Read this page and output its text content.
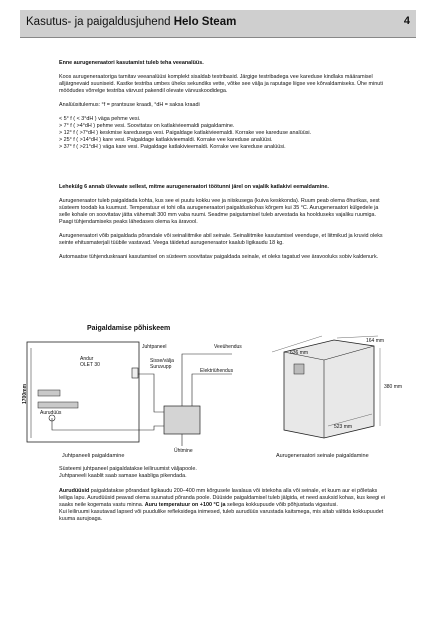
Kasutus- ja paigaldusjuhend Helo Steam	4

Enne aurugeneraatori kasutamist tuleb teha veeanalüüs.

Koos aurugeneraatoriga tarnitav veeanalüüsi komplekt sisaldab testribasid. Järgige testribadega vee kareduse kindlaks määramisel alljärgnevaid suuniseid. Kastke testriba umbes üheks sekundiks vette, võtke see välja ja raputage liigse vee kõrvaldamiseks. Ühe minuti möödudes võrrelge testriba värvust pakendil olevate värvuskoodidega.

Analüüsitulemus: °f = prantsuse kraadi, °dH = saksa kraadi

< 5° f ( < 3°dH ) väga pehme vesi.
> 7° f ( >4°dH ) pehme vesi. Soovitatav on katlakivieemaldi paigaldamine.
> 12° f ( >7°dH ) keskmise karedusega vesi. Paigaldage katlakivieemaldi. Korrake vee kareduse analüüsi.
> 25° f ( >14°dH ) kare vesi. Paigaldage katlakivieemaldi. Korrake vee kareduse analüüsi.
> 37° f ( >21°dH ) väga kare vesi. Paigaldage katlakivieemaldi. Korrake vee kareduse analüüsi.

Lehekülg 6 annab ülevaate sellest, mitme aurugeneraatori töötunni järel on vajalik katlakivi eemaldamine.

Aurugeneraator tuleb paigaldada kohta, kus see ei puutu kokku vee ja niiskusega (kuiva keskkonda). Ruum peab olema õhurikas, sest süsteem toodab ka kuumust. Temperatuur ei tohi olla aurugeneraatori paigalduskohas kõrgem kui 35 °C. Aurugeneraatori külgedele ja selle kohale on soovitatav jätta vähemalt 300 mm vaba ruumi. Seadme paigutamisel tuleb arvestada ka hoolduseks vajaliku ruumiga. Paagi tühjendamiseks peaks lähedases olema ka äravool.

Aurugeneraatori võib paigaldada põrandale või seinaliitmike abil seinale. Seinaliitmike kasutamisel veenduge, et liitmikud ja kruvid oleks seinte ehitusmaterjali tüübile vastavad. Veega täidetud aurugeneraator kaalub ligikaudu 18 kg.

Automaatse tühjenduskraani kasutamisel on süsteem soovitatav paigaldada seinale, et oleks tagatud vee äravooluks sobiv kaldenurk.

Paigaldamise põhiskeem
Juhtpaneel
Sisse/välja
Suruvupp
Veeühendus
Elektriühendus
Andur
OLET 30
1700mm
Aurudüüs
Ühtmine
636 mm
164 mm
380 mm
523 mm
Juhtpaneeli paigaldamine	Aurugeneraatori seinale paigaldamine

Süsteemi juhtpaneel paigaldatakse leiliruumist väljapoole.

Juhtpaneeli kaablit saab samase kaabliga pikendada.

Aurudüüsid paigaldatakse põrandast ligikaudu 200–400 mm kõrgusele lavalaua või istekoha alla või seinale, et kuum aur ei põletaks leiliga lapu. Aurudüüsid peavad olema suunatud põranda poole. Düüside paigaldamisel tuleb jälgida, et need asuksid kohas, kus keegi ei saaks neile kogemata vastu minna. Auru temperatuur on +100 °C ja seliega kokkupuude võib põhjustada vigastusi.

Kui leiliruumi kasutavad lapsed või puudulike refleksidega inimesed, tuleb aurudüüs varustada kaitsmega, mis aitab vältida kokkupuudet kuuma aurujoaga.
